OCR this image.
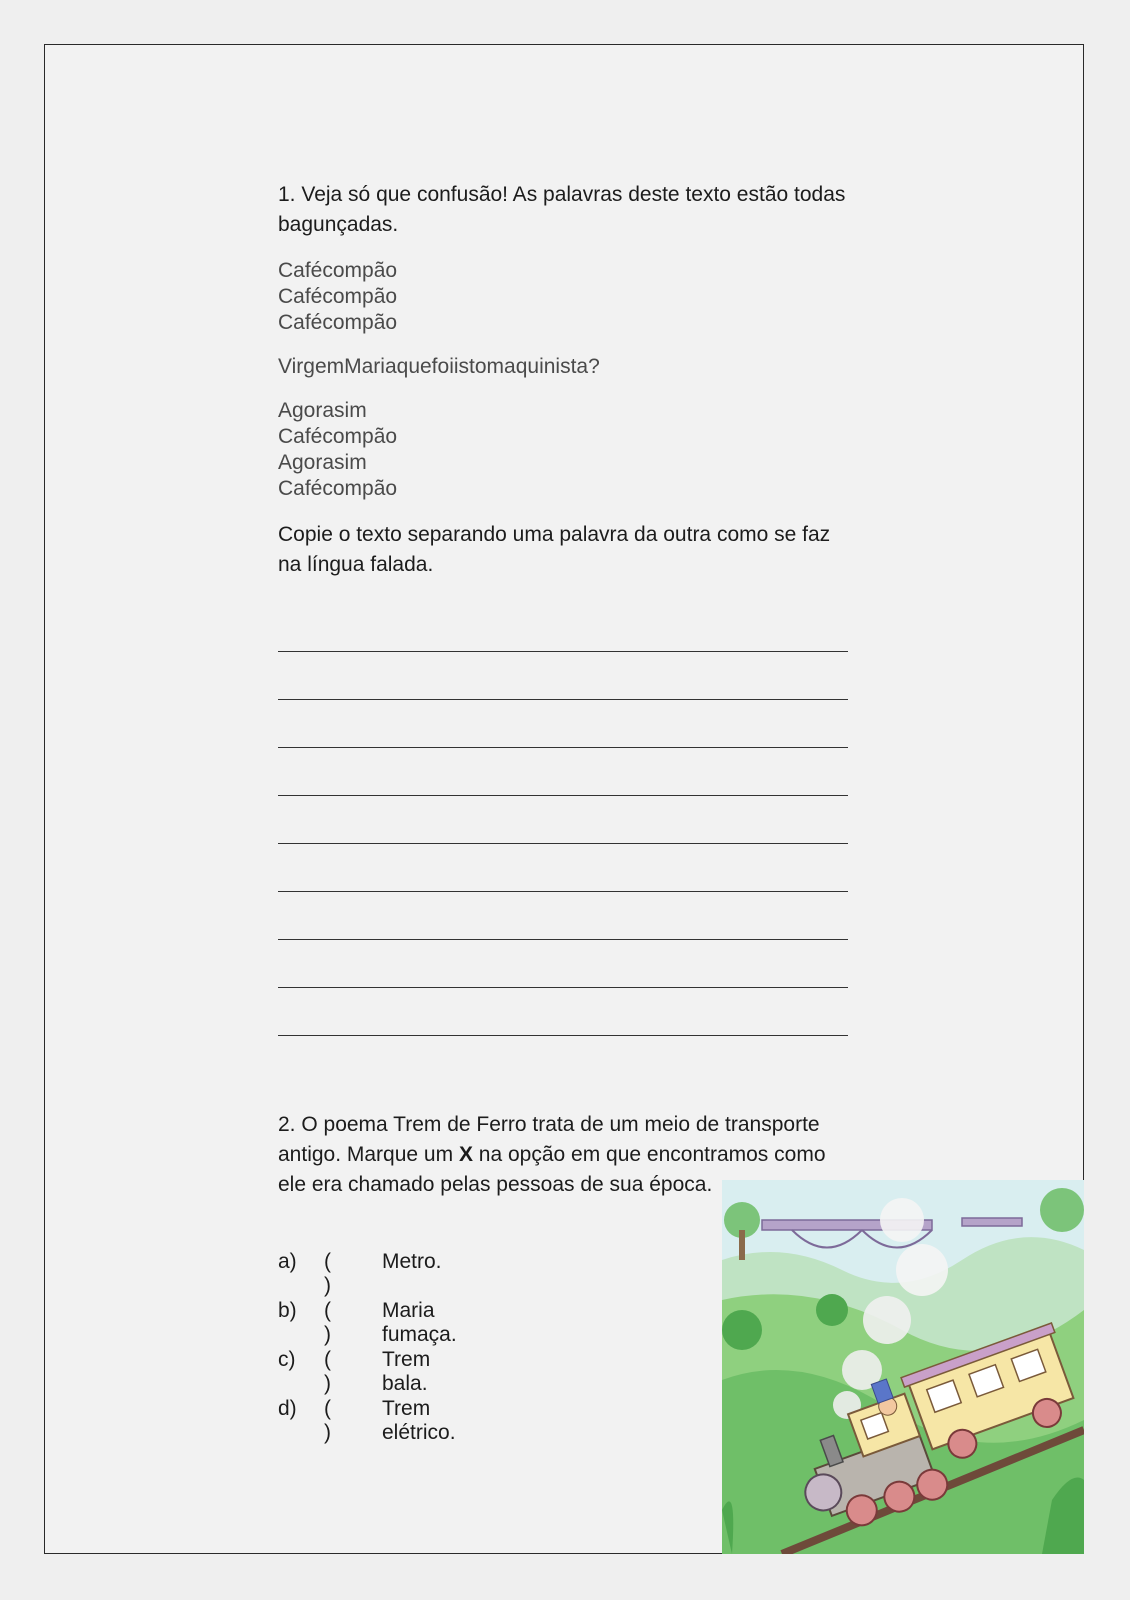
1. Veja só que confusão! As palavras deste texto estão todas bagunçadas.

Cafécompão
Cafécompão
Cafécompão
VirgemMariaquefoiistomaquinista?
Agorasim
Cafécompão
Agorasim
Cafécompão

Copie o texto separando uma palavra da outra como se faz na língua falada.

2. O poema Trem de Ferro trata de um meio de transporte antigo. Marque um X na opção em que encontramos como ele era chamado pelas pessoas de sua época.
a) ( )
Metro.
b) ( )
Maria fumaça.
c) ( )
Trem bala.
d) ( )
Trem elétrico.
